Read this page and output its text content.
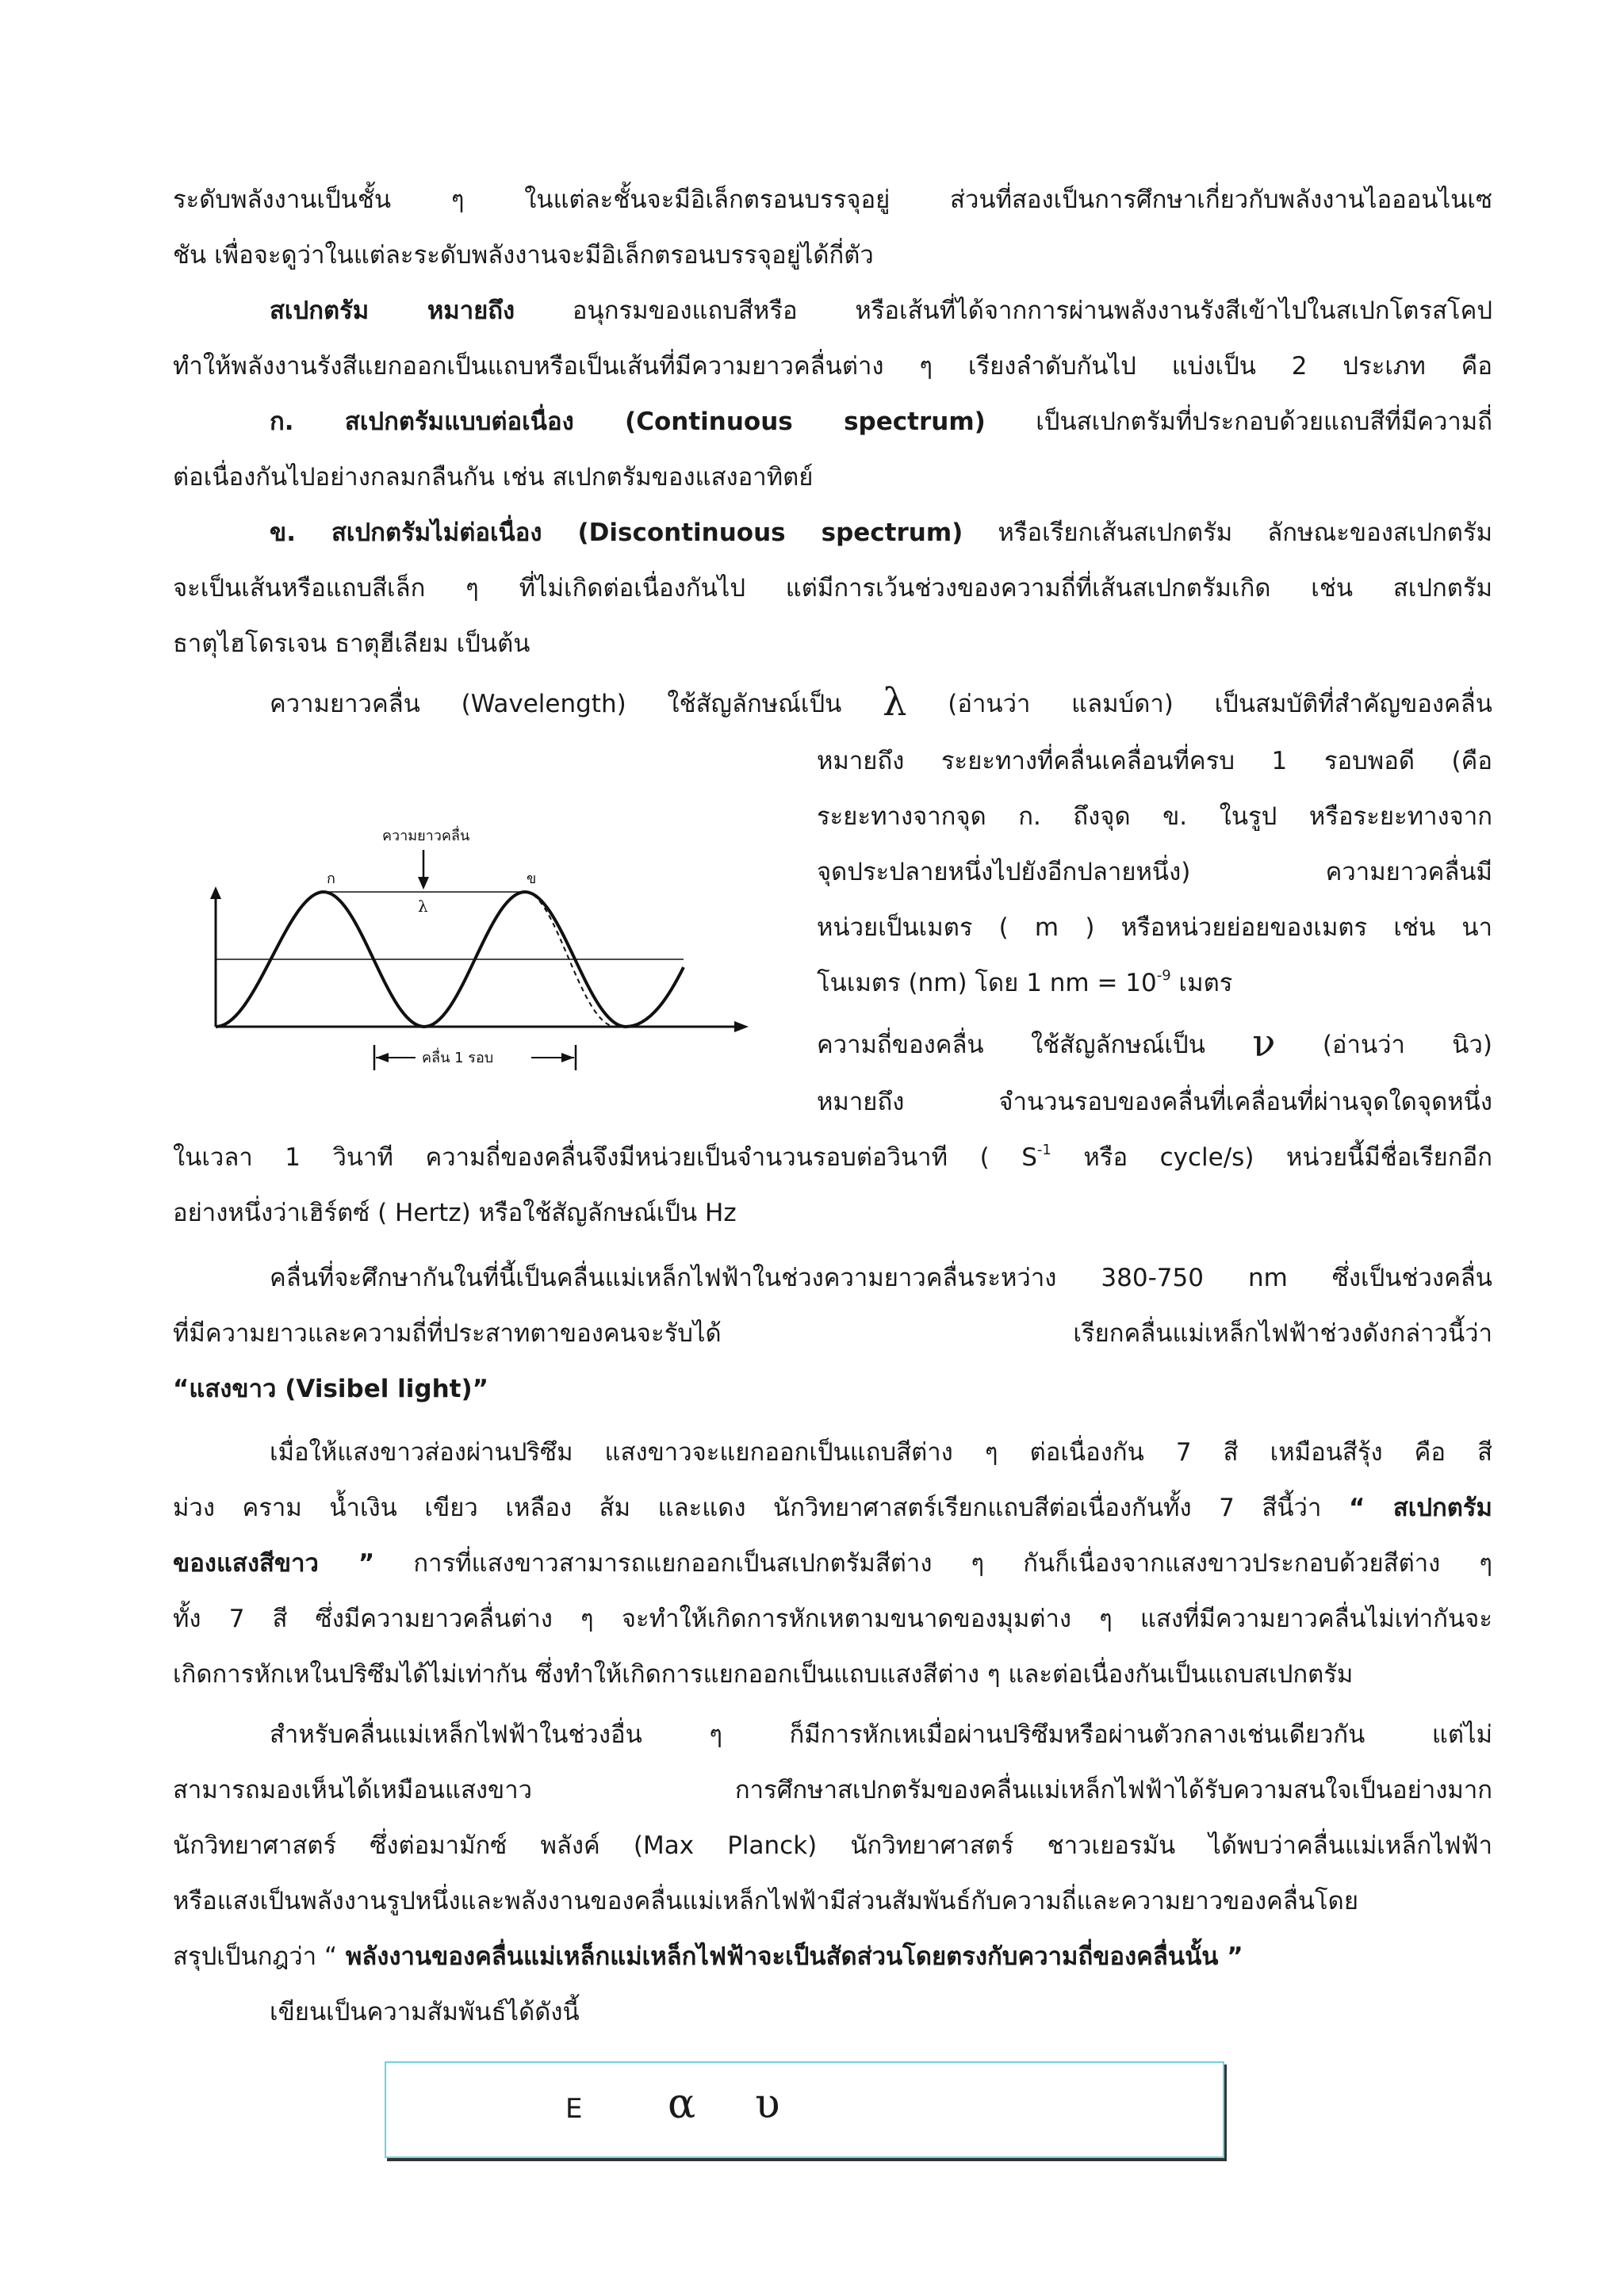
ระดับพลังงานเป็นชั้น ๆ ในแต่ละชั้นจะมีอิเล็กตรอนบรรจุอยู่ ส่วนที่สองเป็นการศึกษาเกี่ยวกับพลังงานไอออนไนเซ
ชัน เพื่อจะดูว่าในแต่ละระดับพลังงานจะมีอิเล็กตรอนบรรจุอยู่ได้กี่ตัว
สเปกตรัม หมายถึง อนุกรมของแถบสีหรือ หรือเส้นที่ได้จากการผ่านพลังงานรังสีเข้าไปในสเปกโตรสโคป
ทำให้พลังงานรังสีแยกออกเป็นแถบหรือเป็นเส้นที่มีความยาวคลื่นต่าง ๆ เรียงลำดับกันไป แบ่งเป็น 2 ประเภท คือ
ก. สเปกตรัมแบบต่อเนื่อง (Continuous spectrum) เป็นสเปกตรัมที่ประกอบด้วยแถบสีที่มีความถี่
ต่อเนื่องกันไปอย่างกลมกลืนกัน เช่น สเปกตรัมของแสงอาทิตย์
ข. สเปกตรัมไม่ต่อเนื่อง (Discontinuous spectrum) หรือเรียกเส้นสเปกตรัม ลักษณะของสเปกตรัม
จะเป็นเส้นหรือแถบสีเล็ก ๆ ที่ไม่เกิดต่อเนื่องกันไป แต่มีการเว้นช่วงของความถี่ที่เส้นสเปกตรัมเกิด เช่น สเปกตรัม
ธาตุไฮโดรเจน ธาตุฮีเลียม เป็นต้น
ความยาวคลื่น (Wavelength) ใช้สัญลักษณ์เป็น λ (อ่านว่า แลมบ์ดา) เป็นสมบัติที่สำคัญของคลื่น
หมายถึง ระยะทางที่คลื่นเคลื่อนที่ครบ 1 รอบพอดี (คือ
ระยะทางจากจุด ก. ถึงจุด ข. ในรูป หรือระยะทางจาก
จุดประปลายหนึ่งไปยังอีกปลายหนึ่ง) ความยาวคลื่นมี
หน่วยเป็นเมตร ( m ) หรือหน่วยย่อยของเมตร เช่น นา
โนเมตร (nm) โดย 1 nm = $10^{-9}$ เมตร
ความถี่ของคลื่น ใช้สัญลักษณ์เป็น ν (อ่านว่า นิว)
หมายถึง จำนวนรอบของคลื่นที่เคลื่อนที่ผ่านจุดใดจุดหนึ่ง
ในเวลา 1 วินาที ความถี่ของคลื่นจึงมีหน่วยเป็นจำนวนรอบต่อวินาที ( $S^{-1}$ หรือ cycle/s) หน่วยนี้มีชื่อเรียกอีก
อย่างหนึ่งว่าเฮิร์ตซ์ ( Hertz) หรือใช้สัญลักษณ์เป็น Hz
คลื่นที่จะศึกษากันในที่นี้เป็นคลื่นแม่เหล็กไฟฟ้าในช่วงความยาวคลื่นระหว่าง 380-750 nm ซึ่งเป็นช่วงคลื่น
ที่มีความยาวและความถี่ที่ประสาทตาของคนจะรับได้ เรียกคลื่นแม่เหล็กไฟฟ้าช่วงดังกล่าวนี้ว่า
“แสงขาว (Visibel light)”
เมื่อให้แสงขาวส่องผ่านปริซึม แสงขาวจะแยกออกเป็นแถบสีต่าง ๆ ต่อเนื่องกัน 7 สี เหมือนสีรุ้ง คือ สี
ม่วง คราม น้ำเงิน เขียว เหลือง ส้ม และแดง นักวิทยาศาสตร์เรียกแถบสีต่อเนื่องกันทั้ง 7 สีนี้ว่า “ สเปกตรัม
ของแสงสีขาว ” การที่แสงขาวสามารถแยกออกเป็นสเปกตรัมสีต่าง ๆ กันก็เนื่องจากแสงขาวประกอบด้วยสีต่าง ๆ
ทั้ง 7 สี ซึ่งมีความยาวคลื่นต่าง ๆ จะทำให้เกิดการหักเหตามขนาดของมุมต่าง ๆ แสงที่มีความยาวคลื่นไม่เท่ากันจะ
เกิดการหักเหในปริซึมได้ไม่เท่ากัน ซึ่งทำให้เกิดการแยกออกเป็นแถบแสงสีต่าง ๆ และต่อเนื่องกันเป็นแถบสเปกตรัม
สำหรับคลื่นแม่เหล็กไฟฟ้าในช่วงอื่น ๆ ก็มีการหักเหเมื่อผ่านปริซึมหรือผ่านตัวกลางเช่นเดียวกัน แต่ไม่
สามารถมองเห็นได้เหมือนแสงขาว การศึกษาสเปกตรัมของคลื่นแม่เหล็กไฟฟ้าได้รับความสนใจเป็นอย่างมาก
นักวิทยาศาสตร์ ซึ่งต่อมามักซ์ พลังค์ (Max Planck) นักวิทยาศาสตร์ ชาวเยอรมัน ได้พบว่าคลื่นแม่เหล็กไฟฟ้า
หรือแสงเป็นพลังงานรูปหนึ่งและพลังงานของคลื่นแม่เหล็กไฟฟ้ามีส่วนสัมพันธ์กับความถี่และความยาวของคลื่นโดย
สรุปเป็นกฎว่า “ พลังงานของคลื่นแม่เหล็กแม่เหล็กไฟฟ้าจะเป็นสัดส่วนโดยตรงกับความถี่ของคลื่นนั้น ”
เขียนเป็นความสัมพันธ์ได้ดังนี้
ความยาวคลื่น
ก	ข
λ
คลื่น 1 รอบ
E α υ
